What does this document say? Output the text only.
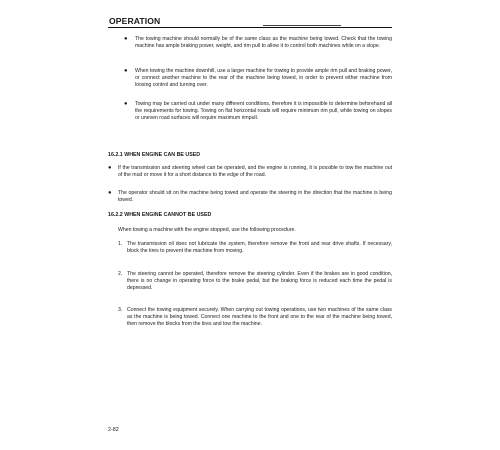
OPERATION
● The towing machine should normally be of the same class as the machine being towed. Check that the towing machine has ample braking power, weight, and rim pull to allow it to control both machines while on a slope.

● When towing the machine downhill, use a larger machine for towing to provide ample rim pull and braking power, or connect another machine to the rear of the machine being towed, in order to prevent either machine from loosing control and turning over.

● Towing may be carried out under many different conditions, therefore it is impossible to determine beforehand all the requirements for towing. Towing on flat horizontal roads will require minimum rim pull, while towing on slopes or uneven road surfaces will require maximum rimpull.

16.2.1 WHEN ENGINE CAN BE USED
● If the transmission and steering wheel can be operated, and the engine is running, it is possible to tow the machine out of the mud or move it for a short distance to the edge of the road.

● The operator should sit on the machine being towed and operate the steering in the direction that the machine is being towed.

16.2.2 WHEN ENGINE CANNOT BE USED

When towing a machine with the engine stopped, use the following procedure.

1. The transmission oil does not lubricate the system, therefore remove the front and rear drive shafts. If necessary, block the tires to prevent the machine from moving.

2. The steering cannot be operated, therefore remove the steering cylinder. Even if the brakes are in good condition, there is no change in operating force to the brake pedal, but the braking force is reduced each time the pedal is depressed.

3. Connect the towing equipment securely. When carrying out towing operations, use two machines of the same class as the machine is being towed. Connect one machine to the front and one to the rear of the machine being towed, then remove the blocks from the tires and tow the machine.

2-82
